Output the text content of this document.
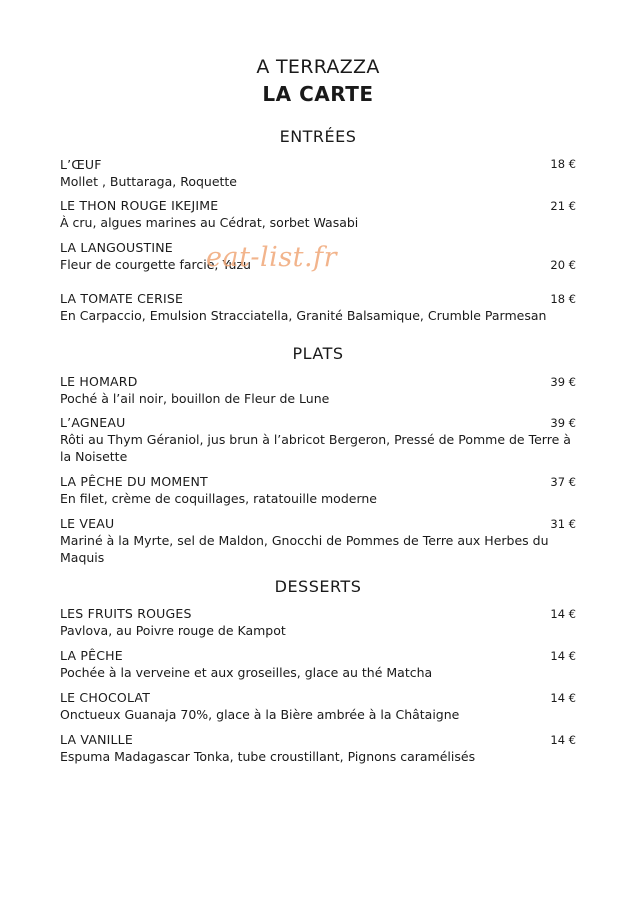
A TERRAZZA
LA CARTE
ENTRÉES
L’ŒUF
Mollet , Buttaraga, Roquette
18 €
LE THON ROUGE IKEJIME
À cru, algues marines au Cédrat, sorbet Wasabi
21 €
LA LANGOUSTINE
Fleur de courgette farcie, Yuzu	20 €
LA TOMATE CERISE
En Carpaccio, Emulsion Stracciatella, Granité Balsamique, Crumble Parmesan
18 €
PLATS
LE HOMARD
Poché à l’ail noir, bouillon de Fleur de Lune
39 €
L’AGNEAU
Rôti au Thym Géraniol, jus brun à l’abricot Bergeron, Pressé de Pomme de Terre à la Noisette
39 €
LA PÊCHE DU MOMENT
En filet, crème de coquillages, ratatouille moderne
37 €
LE VEAU
Mariné à la Myrte, sel de Maldon, Gnocchi de Pommes de Terre aux Herbes du Maquis
31 €
DESSERTS
LES FRUITS ROUGES
Pavlova, au Poivre rouge de Kampot
14 €
LA PÊCHE
Pochée à la verveine et aux groseilles, glace au thé Matcha
14 €
LE CHOCOLAT
Onctueux Guanaja 70%, glace à la Bière ambrée à la Châtaigne
14 €
LA VANILLE
Espuma Madagascar Tonka, tube croustillant, Pignons caramélisés
14 €
eat-list.fr
